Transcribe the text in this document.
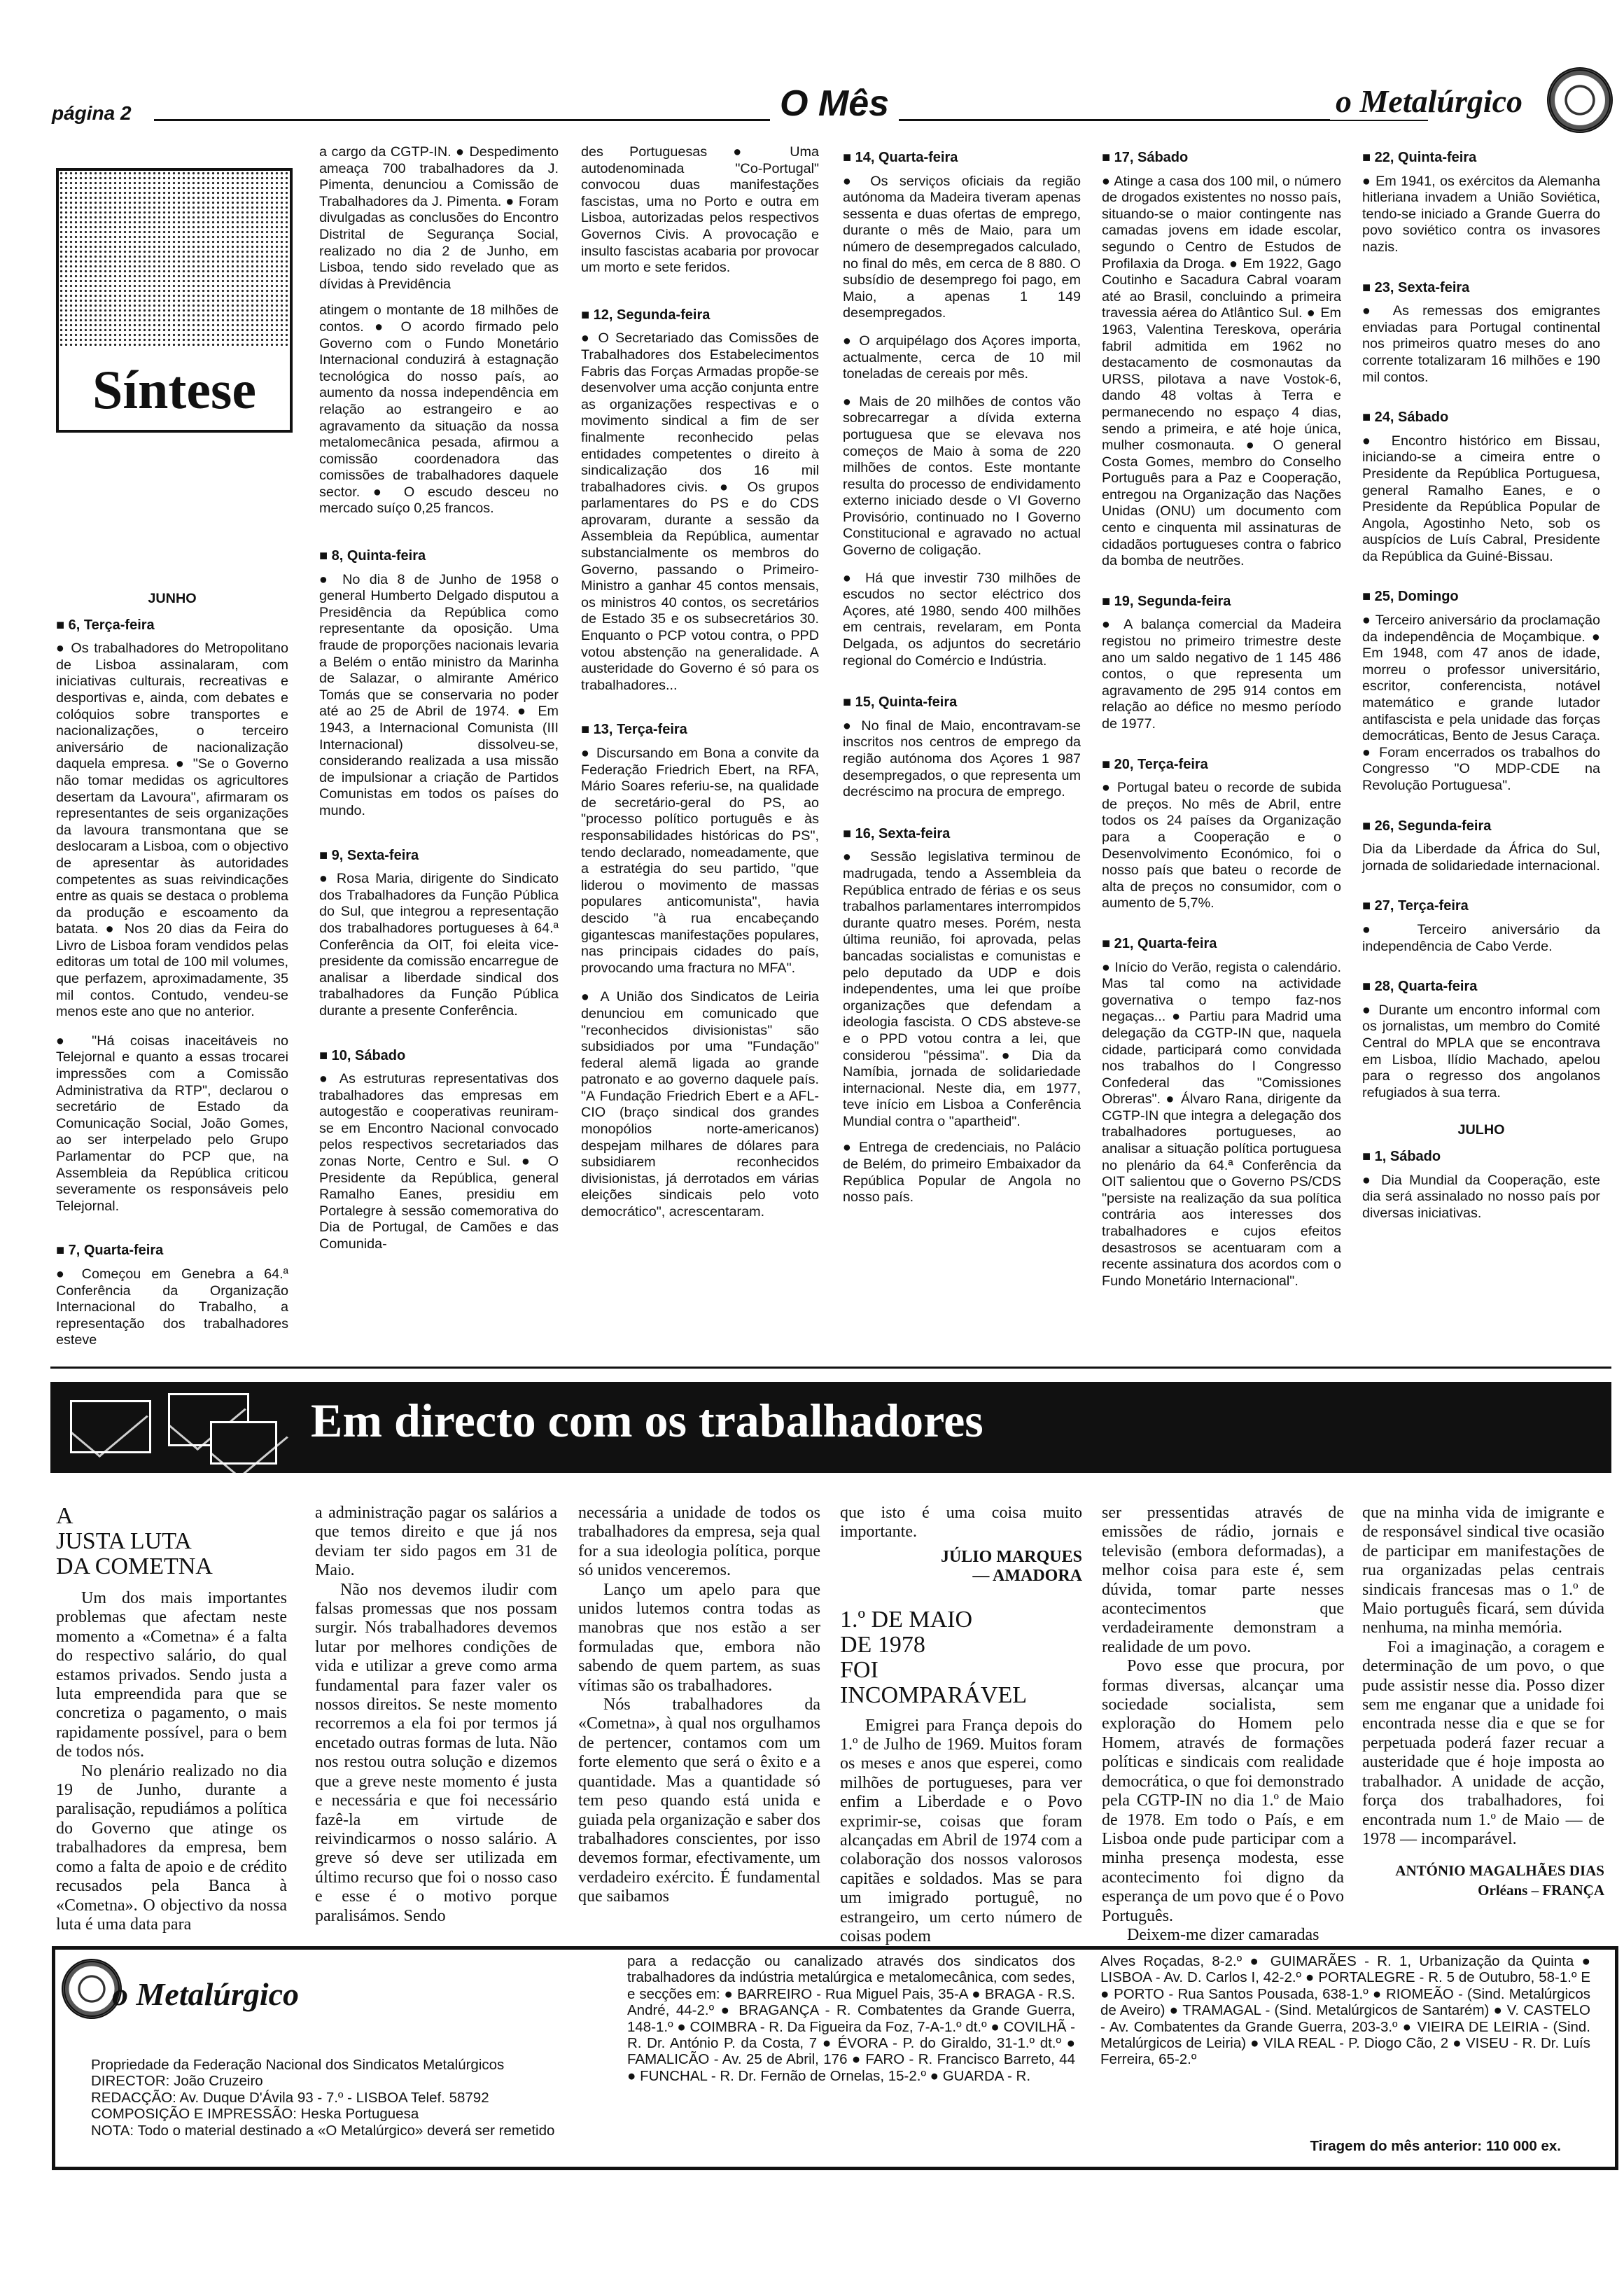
página 2	O Mês	o Metalúrgico
Síntese

JUNHO

■ 6, Terça-feira

● Os trabalhadores do Metropolitano de Lisboa assinalaram, com iniciativas culturais, recreativas e desportivas e, ainda, com debates e colóquios sobre transportes e nacionalizações, o terceiro aniversário de nacionalização daquela empresa. ● "Se o Governo não tomar medidas os agricultores desertam da Lavoura", afirmaram os representantes de seis organizações da lavoura transmontana que se deslocaram a Lisboa, com o objectivo de apresentar às autoridades competentes as suas reivindicações entre as quais se destaca o problema da produção e escoamento da batata. ● Nos 20 dias da Feira do Livro de Lisboa foram vendidos pelas editoras um total de 100 mil volumes, que perfazem, aproximadamente, 35 mil contos. Contudo, vendeu-se menos este ano que no anterior.

● "Há coisas inaceitáveis no Telejornal e quanto a essas trocarei impressões com a Comissão Administrativa da RTP", declarou o secretário de Estado da Comunicação Social, João Gomes, ao ser interpelado pelo Grupo Parlamentar do PCP que, na Assembleia da República criticou severamente os responsáveis pelo Telejornal.

■ 7, Quarta-feira

● Começou em Genebra a 64.ª Conferência da Organização Internacional do Trabalho, a representação dos trabalhadores esteve

a cargo da CGTP-IN. ● Despedimento ameaça 700 trabalhadores da J. Pimenta, denunciou a Comissão de Trabalhadores da J. Pimenta. ● Foram divulgadas as conclusões do Encontro Distrital de Segurança Social, realizado no dia 2 de Junho, em Lisboa, tendo sido revelado que as dívidas à Previdência

atingem o montante de 18 milhões de contos. ● O acordo firmado pelo Governo com o Fundo Monetário Internacional conduzirá à estagnação tecnológica do nosso país, ao aumento da nossa independência em relação ao estrangeiro e ao agravamento da situação da nossa metalomecânica pesada, afirmou a comissão coordenadora das comissões de trabalhadores daquele sector. ● O escudo desceu no mercado suíço 0,25 francos.

■ 8, Quinta-feira

● No dia 8 de Junho de 1958 o general Humberto Delgado disputou a Presidência da República como representante da oposição. Uma fraude de proporções nacionais levaria a Belém o então ministro da Marinha de Salazar, o almirante Américo Tomás que se conservaria no poder até ao 25 de Abril de 1974. ● Em 1943, a Internacional Comunista (III Internacional) dissolveu-se, considerando realizada a usa missão de impulsionar a criação de Partidos Comunistas em todos os países do mundo.

■ 9, Sexta-feira

● Rosa Maria, dirigente do Sindicato dos Trabalhadores da Função Pública do Sul, que integrou a representação dos trabalhadores portugueses à 64.ª Conferência da OIT, foi eleita vice-presidente da comissão encarregue de analisar a liberdade sindical dos trabalhadores da Função Pública durante a presente Conferência.

■ 10, Sábado

● As estruturas representativas dos trabalhadores das empresas em autogestão e cooperativas reuniram-se em Encontro Nacional convocado pelos respectivos secretariados das zonas Norte, Centro e Sul. ● O Presidente da República, general Ramalho Eanes, presidiu em Portalegre à sessão comemorativa do Dia de Portugal, de Camões e das Comunida-

des Portuguesas ● Uma autodenominada "Co-Portugal" convocou duas manifestações fascistas, uma no Porto e outra em Lisboa, autorizadas pelos respectivos Governos Civis. A provocação e insulto fascistas acabaria por provocar um morto e sete feridos.

■ 12, Segunda-feira

● O Secretariado das Comissões de Trabalhadores dos Estabelecimentos Fabris das Forças Armadas propõe-se desenvolver uma acção conjunta entre as organizações respectivas e o movimento sindical a fim de ser finalmente reconhecido pelas entidades competentes o direito à sindicalização dos 16 mil trabalhadores civis. ● Os grupos parlamentares do PS e do CDS aprovaram, durante a sessão da Assembleia da República, aumentar substancialmente os membros do Governo, passando o Primeiro-Ministro a ganhar 45 contos mensais, os ministros 40 contos, os secretários de Estado 35 e os subsecretários 30. Enquanto o PCP votou contra, o PPD votou abstenção na generalidade. A austeridade do Governo é só para os trabalhadores...

■ 13, Terça-feira

● Discursando em Bona a convite da Federação Friedrich Ebert, na RFA, Mário Soares referiu-se, na qualidade de secretário-geral do PS, ao "processo político português e às responsabilidades históricas do PS", tendo declarado, nomeadamente, que a estratégia do seu partido, "que liderou o movimento de massas populares anticomunista", havia descido "à rua encabeçando gigantescas manifestações populares, nas principais cidades do país, provocando uma fractura no MFA".

● A União dos Sindicatos de Leiria denunciou em comunicado que "reconhecidos divisionistas" são subsidiados por uma "Fundação" federal alemã ligada ao grande patronato e ao governo daquele país. "A Fundação Friedrich Ebert e a AFL-CIO (braço sindical dos grandes monopólios norte-americanos) despejam milhares de dólares para subsidiarem reconhecidos divisionistas, já derrotados em várias eleições sindicais pelo voto democrático", acrescentaram.

■ 14, Quarta-feira

● Os serviços oficiais da região autónoma da Madeira tiveram apenas sessenta e duas ofertas de emprego, durante o mês de Maio, para um número de desempregados calculado, no final do mês, em cerca de 8 880. O subsídio de desemprego foi pago, em Maio, a apenas 1 149 desempregados.

● O arquipélago dos Açores importa, actualmente, cerca de 10 mil toneladas de cereais por mês.

● Mais de 20 milhões de contos vão sobrecarregar a dívida externa portuguesa que se elevava nos começos de Maio à soma de 220 milhões de contos. Este montante resulta do processo de endividamento externo iniciado desde o VI Governo Provisório, continuado no I Governo Constitucional e agravado no actual Governo de coligação.

● Há que investir 730 milhões de escudos no sector eléctrico dos Açores, até 1980, sendo 400 milhões em centrais, revelaram, em Ponta Delgada, os adjuntos do secretário regional do Comércio e Indústria.

■ 15, Quinta-feira

● No final de Maio, encontravam-se inscritos nos centros de emprego da região autónoma dos Açores 1 987 desempregados, o que representa um decréscimo na procura de emprego.

■ 16, Sexta-feira

● Sessão legislativa terminou de madrugada, tendo a Assembleia da República entrado de férias e os seus trabalhos parlamentares interrompidos durante quatro meses. Porém, nesta última reunião, foi aprovada, pelas bancadas socialistas e comunistas e pelo deputado da UDP e dois independentes, uma lei que proíbe organizações que defendam a ideologia fascista. O CDS absteve-se e o PPD votou contra a lei, que considerou "péssima". ● Dia da Namíbia, jornada de solidariedade internacional. Neste dia, em 1977, teve início em Lisboa a Conferência Mundial contra o "apartheid".

● Entrega de credenciais, no Palácio de Belém, do primeiro Embaixador da República Popular de Angola no nosso país.

■ 17, Sábado

● Atinge a casa dos 100 mil, o número de drogados existentes no nosso país, situando-se o maior contingente nas camadas jovens em idade escolar, segundo o Centro de Estudos de Profilaxia da Droga. ● Em 1922, Gago Coutinho e Sacadura Cabral voaram até ao Brasil, concluindo a primeira travessia aérea do Atlântico Sul. ● Em 1963, Valentina Tereskova, operária fabril admitida em 1962 no destacamento de cosmonautas da URSS, pilotava a nave Vostok-6, dando 48 voltas à Terra e permanecendo no espaço 4 dias, sendo a primeira, e até hoje única, mulher cosmonauta. ● O general Costa Gomes, membro do Conselho Português para a Paz e Cooperação, entregou na Organização das Nações Unidas (ONU) um documento com cento e cinquenta mil assinaturas de cidadãos portugueses contra o fabrico da bomba de neutrões.

■ 19, Segunda-feira

● A balança comercial da Madeira registou no primeiro trimestre deste ano um saldo negativo de 1 145 486 contos, o que representa um agravamento de 295 914 contos em relação ao défice no mesmo período de 1977.

■ 20, Terça-feira

● Portugal bateu o recorde de subida de preços. No mês de Abril, entre todos os 24 países da Organização para a Cooperação e o Desenvolvimento Económico, foi o nosso país que bateu o recorde de alta de preços no consumidor, com o aumento de 5,7%.

■ 21, Quarta-feira

● Início do Verão, regista o calendário. Mas tal como na actividade governativa o tempo faz-nos negaças... ● Partiu para Madrid uma delegação da CGTP-IN que, naquela cidade, participará como convidada nos trabalhos do I Congresso Confederal das "Comissiones Obreras". ● Álvaro Rana, dirigente da CGTP-IN que integra a delegação dos trabalhadores portugueses, ao analisar a situação política portuguesa no plenário da 64.ª Conferência da OIT salientou que o Governo PS/CDS "persiste na realização da sua política contrária aos interesses dos trabalhadores e cujos efeitos desastrosos se acentuaram com a recente assinatura dos acordos com o Fundo Monetário Internacional".

■ 22, Quinta-feira

● Em 1941, os exércitos da Alemanha hitleriana invadem a União Soviética, tendo-se iniciado a Grande Guerra do povo soviético contra os invasores nazis.

■ 23, Sexta-feira

● As remessas dos emigrantes enviadas para Portugal continental nos primeiros quatro meses do ano corrente totalizaram 16 milhões e 190 mil contos.

■ 24, Sábado

● Encontro histórico em Bissau, iniciando-se a cimeira entre o Presidente da República Portuguesa, general Ramalho Eanes, e o Presidente da República Popular de Angola, Agostinho Neto, sob os auspícios de Luís Cabral, Presidente da República da Guiné-Bissau.

■ 25, Domingo

● Terceiro aniversário da proclamação da independência de Moçambique. ● Em 1948, com 47 anos de idade, morreu o professor universitário, escritor, conferencista, notável matemático e grande lutador antifascista e pela unidade das forças democráticas, Bento de Jesus Caraça. ● Foram encerrados os trabalhos do Congresso "O MDP-CDE na Revolução Portuguesa".

■ 26, Segunda-feira

Dia da Liberdade da África do Sul, jornada de solidariedade internacional.

■ 27, Terça-feira

● Terceiro aniversário da independência de Cabo Verde.

■ 28, Quarta-feira

● Durante um encontro informal com os jornalistas, um membro do Comité Central do MPLA que se encontrava em Lisboa, Ilídio Machado, apelou para o regresso dos angolanos refugiados à sua terra.

JULHO

■ 1, Sábado

● Dia Mundial da Cooperação, este dia será assinalado no nosso país por diversas iniciativas.

Em directo com os trabalhadores
A
JUSTA LUTA
DA COMETNA

Um dos mais importantes problemas que afectam neste momento a «Cometna» é a falta do respectivo salário, do qual estamos privados. Sendo justa a luta empreendida para que se concretiza o pagamento, o mais rapidamente possível, para o bem de todos nós.

No plenário realizado no dia 19 de Junho, durante a paralisação, repudiámos a política do Governo que atinge os trabalhadores da empresa, bem como a falta de apoio e de crédito recusados pela Banca à «Cometna». O objectivo da nossa luta é uma data para

a administração pagar os salários a que temos direito e que já nos deviam ter sido pagos em 31 de Maio.

Não nos devemos iludir com falsas promessas que nos possam surgir. Nós trabalhadores devemos lutar por melhores condições de vida e utilizar a greve como arma fundamental para fazer valer os nossos direitos. Se neste momento recorremos a ela foi por termos já encetado outras formas de luta. Não nos restou outra solução e dizemos que a greve neste momento é justa e necessária e que foi necessário fazê-la em virtude de reivindicarmos o nosso salário. A greve só deve ser utilizada em último recurso que foi o nosso caso e esse é o motivo porque paralisámos. Sendo

necessária a unidade de todos os trabalhadores da empresa, seja qual for a sua ideologia política, porque só unidos venceremos.

Lanço um apelo para que unidos lutemos contra todas as manobras que nos estão a ser formuladas que, embora não sabendo de quem partem, as suas vítimas são os trabalhadores.

Nós trabalhadores da «Cometna», à qual nos orgulhamos de pertencer, contamos com um forte elemento que será o êxito e a quantidade. Mas a quantidade só tem peso quando está unida e guiada pela organização e saber dos trabalhadores conscientes, por isso devemos formar, efectivamente, um verdadeiro exército. É fundamental que saibamos

que isto é uma coisa muito importante.

JÚLIO MARQUES

— AMADORA

1.º DE MAIO
DE 1978
FOI
INCOMPARÁVEL

Emigrei para França depois do 1.º de Julho de 1969. Muitos foram os meses e anos que esperei, como milhões de portugueses, para ver enfim a Liberdade e o Povo exprimir-se, coisas que foram alcançadas em Abril de 1974 com a colaboração dos nossos valorosos capitães e soldados. Mas se para um imigrado portuguê, no estrangeiro, um certo número de coisas podem

ser pressentidas através de emissões de rádio, jornais e televisão (embora deformadas), a melhor coisa para este é, sem dúvida, tomar parte nesses acontecimentos que verdadeiramente demonstram a realidade de um povo.

Povo esse que procura, por formas diversas, alcançar uma sociedade socialista, sem exploração do Homem pelo Homem, através de formações políticas e sindicais com realidade democrática, o que foi demonstrado pela CGTP-IN no dia 1.º de Maio de 1978. Em todo o País, e em Lisboa onde pude participar com a minha presença modesta, esse acontecimento foi digno da esperança de um povo que é o Povo Português.

Deixem-me dizer camaradas

que na minha vida de imigrante e de responsável sindical tive ocasião de participar em manifestações de rua organizadas pelas centrais sindicais francesas mas o 1.º de Maio português ficará, sem dúvida nenhuma, na minha memória.

Foi a imaginação, a coragem e determinação de um povo, o que pude assistir nesse dia. Posso dizer sem me enganar que a unidade foi encontrada nesse dia e que se for perpetuada poderá fazer recuar a austeridade que é hoje imposta ao trabalhador. A unidade de acção, força dos trabalhadores, foi encontrada num 1.º de Maio — de 1978 — incomparável.

ANTÓNIO MAGALHÃES DIAS

Orléans – FRANÇA

o Metalúrgico
Propriedade da Federação Nacional dos Sindicatos Metalúrgicos
DIRECTOR: João Cruzeiro
REDACÇÃO: Av. Duque D'Ávila 93 - 7.º - LISBOA Telef. 58792
COMPOSIÇÃO E IMPRESSÃO: Heska Portuguesa
NOTA: Todo o material destinado a «O Metalúrgico» deverá ser remetido
para a redacção ou canalizado através dos sindicatos dos trabalhadores da indústria metalúrgica e metalomecânica, com sedes, e secções em: ● BARREIRO - Rua Miguel Pais, 35-A ● BRAGA - R.S. André, 44-2.º ● BRAGANÇA - R. Combatentes da Grande Guerra, 148-1.º ● COIMBRA - R. Da Figueira da Foz, 7-A-1.º dt.º ● COVILHÃ - R. Dr. António P. da Costa, 7 ● ÉVORA - P. do Giraldo, 31-1.º dt.º ● FAMALICÃO - Av. 25 de Abril, 176 ● FARO - R. Francisco Barreto, 44 ● FUNCHAL - R. Dr. Fernão de Ornelas, 15-2.º ● GUARDA - R.
Alves Roçadas, 8-2.º ● GUIMARÃES - R. 1, Urbanização da Quinta ● LISBOA - Av. D. Carlos I, 42-2.º ● PORTALEGRE - R. 5 de Outubro, 58-1.º E ● PORTO - Rua Santos Pousada, 638-1.º ● RIOMEÃO - (Sind. Metalúrgicos de Aveiro) ● TRAMAGAL - (Sind. Metalúrgicos de Santarém) ● V. CASTELO - Av. Combatentes da Grande Guerra, 203-3.º ● VIEIRA DE LEIRIA - (Sind. Metalúrgicos de Leiria) ● VILA REAL - P. Diogo Cão, 2 ● VISEU - R. Dr. Luís Ferreira, 65-2.º
Tiragem do mês anterior: 110 000 ex.
